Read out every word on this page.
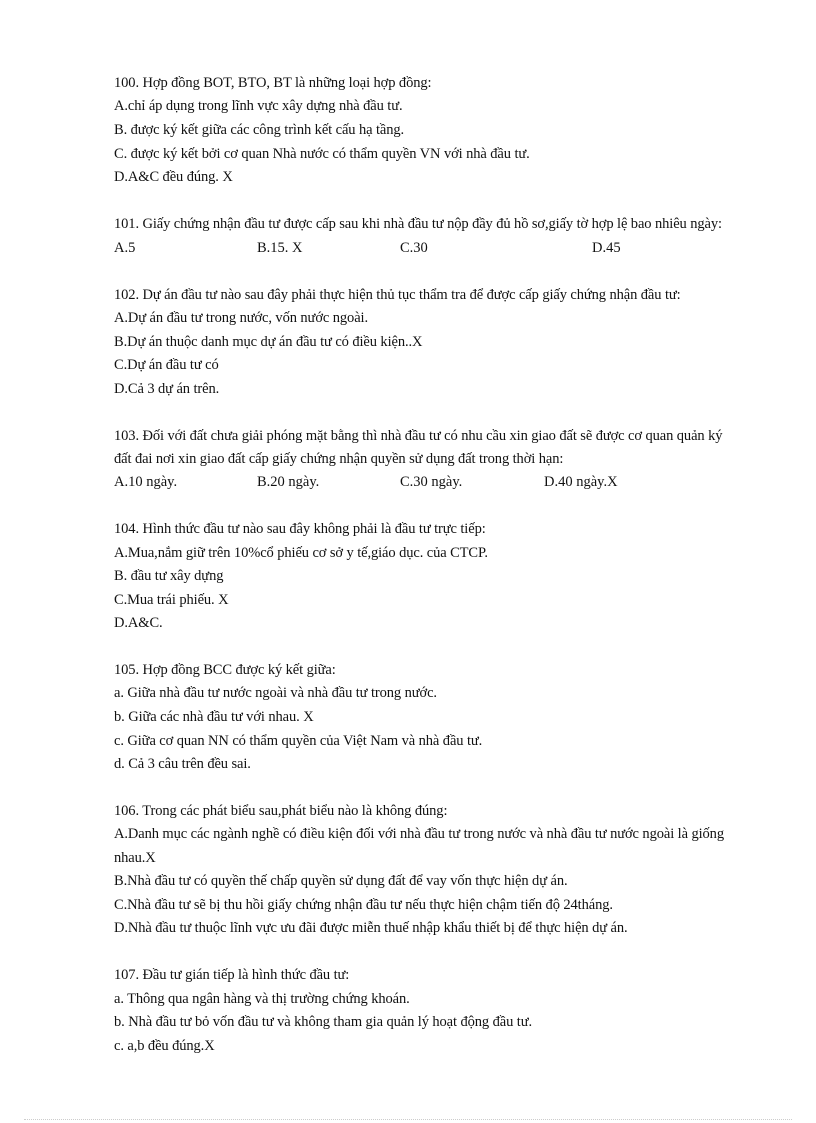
100. Hợp đồng BOT, BTO, BT là những loại hợp đồng:
A.chỉ áp dụng trong lĩnh vực xây dựng nhà đầu tư.
B. được ký kết giữa các công trình kết cấu hạ tầng.
C. được ký kết bởi cơ quan Nhà nước có thẩm quyền VN với nhà đầu tư.
D.A&C đều đúng. X
101. Giấy chứng nhận đầu tư được cấp sau khi nhà đầu tư nộp đầy đủ hồ sơ,giấy tờ hợp lệ bao nhiêu ngày:
A.5	B.15. X	C.30	D.45
102. Dự án đầu tư nào sau đây phải thực hiện thủ tục thẩm tra để được cấp giấy chứng nhận đầu tư:
A.Dự án đầu tư trong nước, vốn nước ngoài.
B.Dự án thuộc danh mục dự án đầu tư có điều kiện..X
C.Dự án đầu tư có
D.Cả 3 dự án trên.
103. Đối với đất chưa giải phóng mặt bằng thì nhà đầu tư có nhu cầu xin giao đất sẽ được cơ quan quản ký
đất đai nơi xin giao đất cấp giấy chứng nhận quyền sử dụng đất trong thời hạn:
A.10 ngày.	B.20 ngày.	C.30 ngày.	D.40 ngày.X
104. Hình thức đầu tư nào sau đây không phải là đầu tư trực tiếp:
A.Mua,nắm giữ trên 10%cổ phiếu cơ sở y tế,giáo dục. của CTCP.
B. đầu tư xây dựng
C.Mua trái phiếu. X
D.A&C.
105. Hợp đồng BCC được ký kết giữa:
a. Giữa nhà đầu tư nước ngoài và nhà đầu tư trong nước.
b. Giữa các nhà đầu tư với nhau. X
c. Giữa cơ quan NN có thẩm quyền của Việt Nam và nhà đầu tư.
d. Cả 3 câu trên đều sai.
106. Trong các phát biểu sau,phát biểu nào là không đúng:
A.Danh mục các ngành nghề có điều kiện đối với nhà đầu tư trong nước và nhà đầu tư nước ngoài là giống
nhau.X
B.Nhà đầu tư có quyền thế chấp quyền sử dụng đất để vay vốn thực hiện dự án.
C.Nhà đầu tư sẽ bị thu hồi giấy chứng nhận đầu tư nếu thực hiện chậm tiến độ 24tháng.
D.Nhà đầu tư thuộc lĩnh vực ưu đãi được miễn thuế nhập khẩu thiết bị để thực hiện dự án.
107. Đầu tư gián tiếp là hình thức đầu tư:
a. Thông qua ngân hàng và thị trường chứng khoán.
b. Nhà đầu tư bỏ vốn đầu tư và không tham gia quản lý hoạt động đầu tư.
c. a,b đều đúng.X
